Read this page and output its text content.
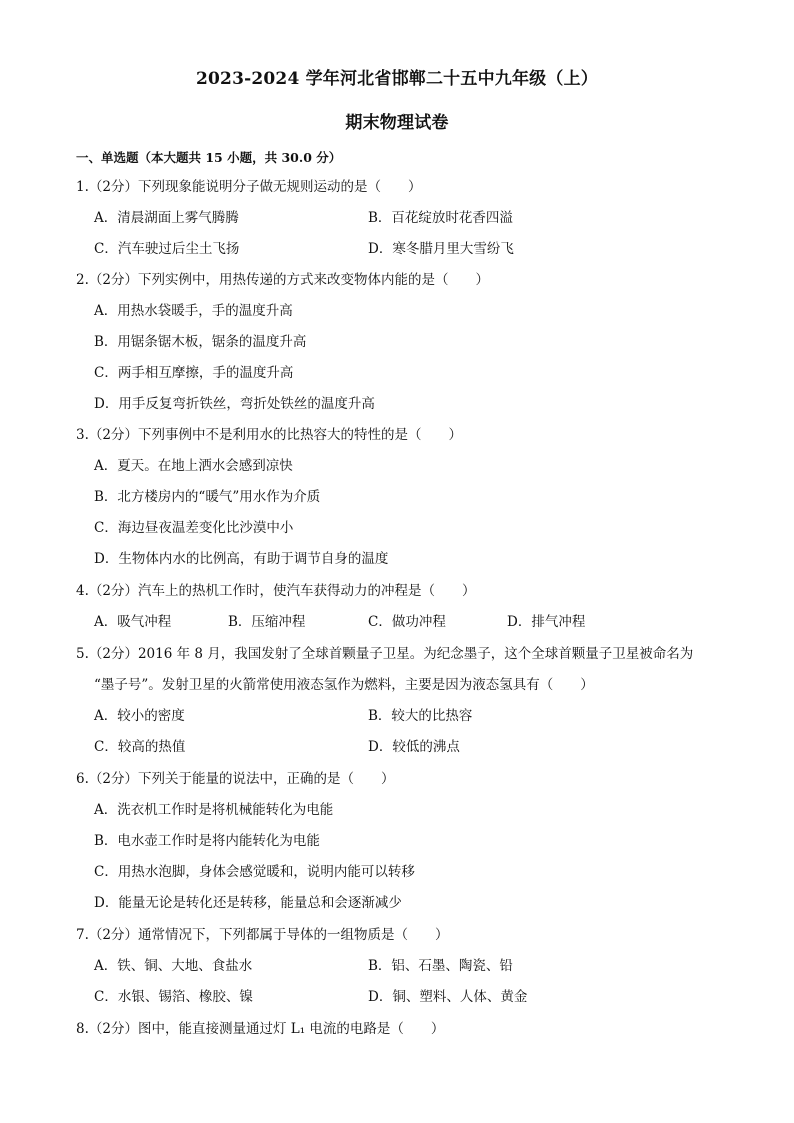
2023-2024 学年河北省邯郸二十五中九年级（上）
期末物理试卷
一、单选题（本大题共 15 小题，共 30.0 分）
1.（2分）下列现象能说明分子做无规则运动的是（　　）
A．清晨湖面上雾气腾腾	B．百花绽放时花香四溢
C．汽车驶过后尘土飞扬	D．寒冬腊月里大雪纷飞
2.（2分）下列实例中，用热传递的方式来改变物体内能的是（　　）
A．用热水袋暖手，手的温度升高
B．用锯条锯木板，锯条的温度升高
C．两手相互摩擦，手的温度升高
D．用手反复弯折铁丝，弯折处铁丝的温度升高
3.（2分）下列事例中不是利用水的比热容大的特性的是（　　）
A．夏天。在地上洒水会感到凉快
B．北方楼房内的“暖气”用水作为介质
C．海边昼夜温差变化比沙漠中小
D．生物体内水的比例高，有助于调节自身的温度
4.（2分）汽车上的热机工作时，使汽车获得动力的冲程是（　　）
A．吸气冲程	B．压缩冲程	C．做功冲程	D．排气冲程
5.（2分）2016 年 8 月，我国发射了全球首颗量子卫星。为纪念墨子，这个全球首颗量子卫星被命名为
“墨子号”。发射卫星的火箭常使用液态氢作为燃料，主要是因为液态氢具有（　　）
A．较小的密度	B．较大的比热容
C．较高的热值	D．较低的沸点
6.（2分）下列关于能量的说法中，正确的是（　　）
A．洗衣机工作时是将机械能转化为电能
B．电水壶工作时是将内能转化为电能
C．用热水泡脚，身体会感觉暖和，说明内能可以转移
D．能量无论是转化还是转移，能量总和会逐渐减少
7.（2分）通常情况下，下列都属于导体的一组物质是（　　）
A．铁、铜、大地、食盐水	B．铝、石墨、陶瓷、铅
C．水银、锡箔、橡胶、镍	D．铜、塑料、人体、黄金
8.（2分）图中，能直接测量通过灯 L₁ 电流的电路是（　　）
